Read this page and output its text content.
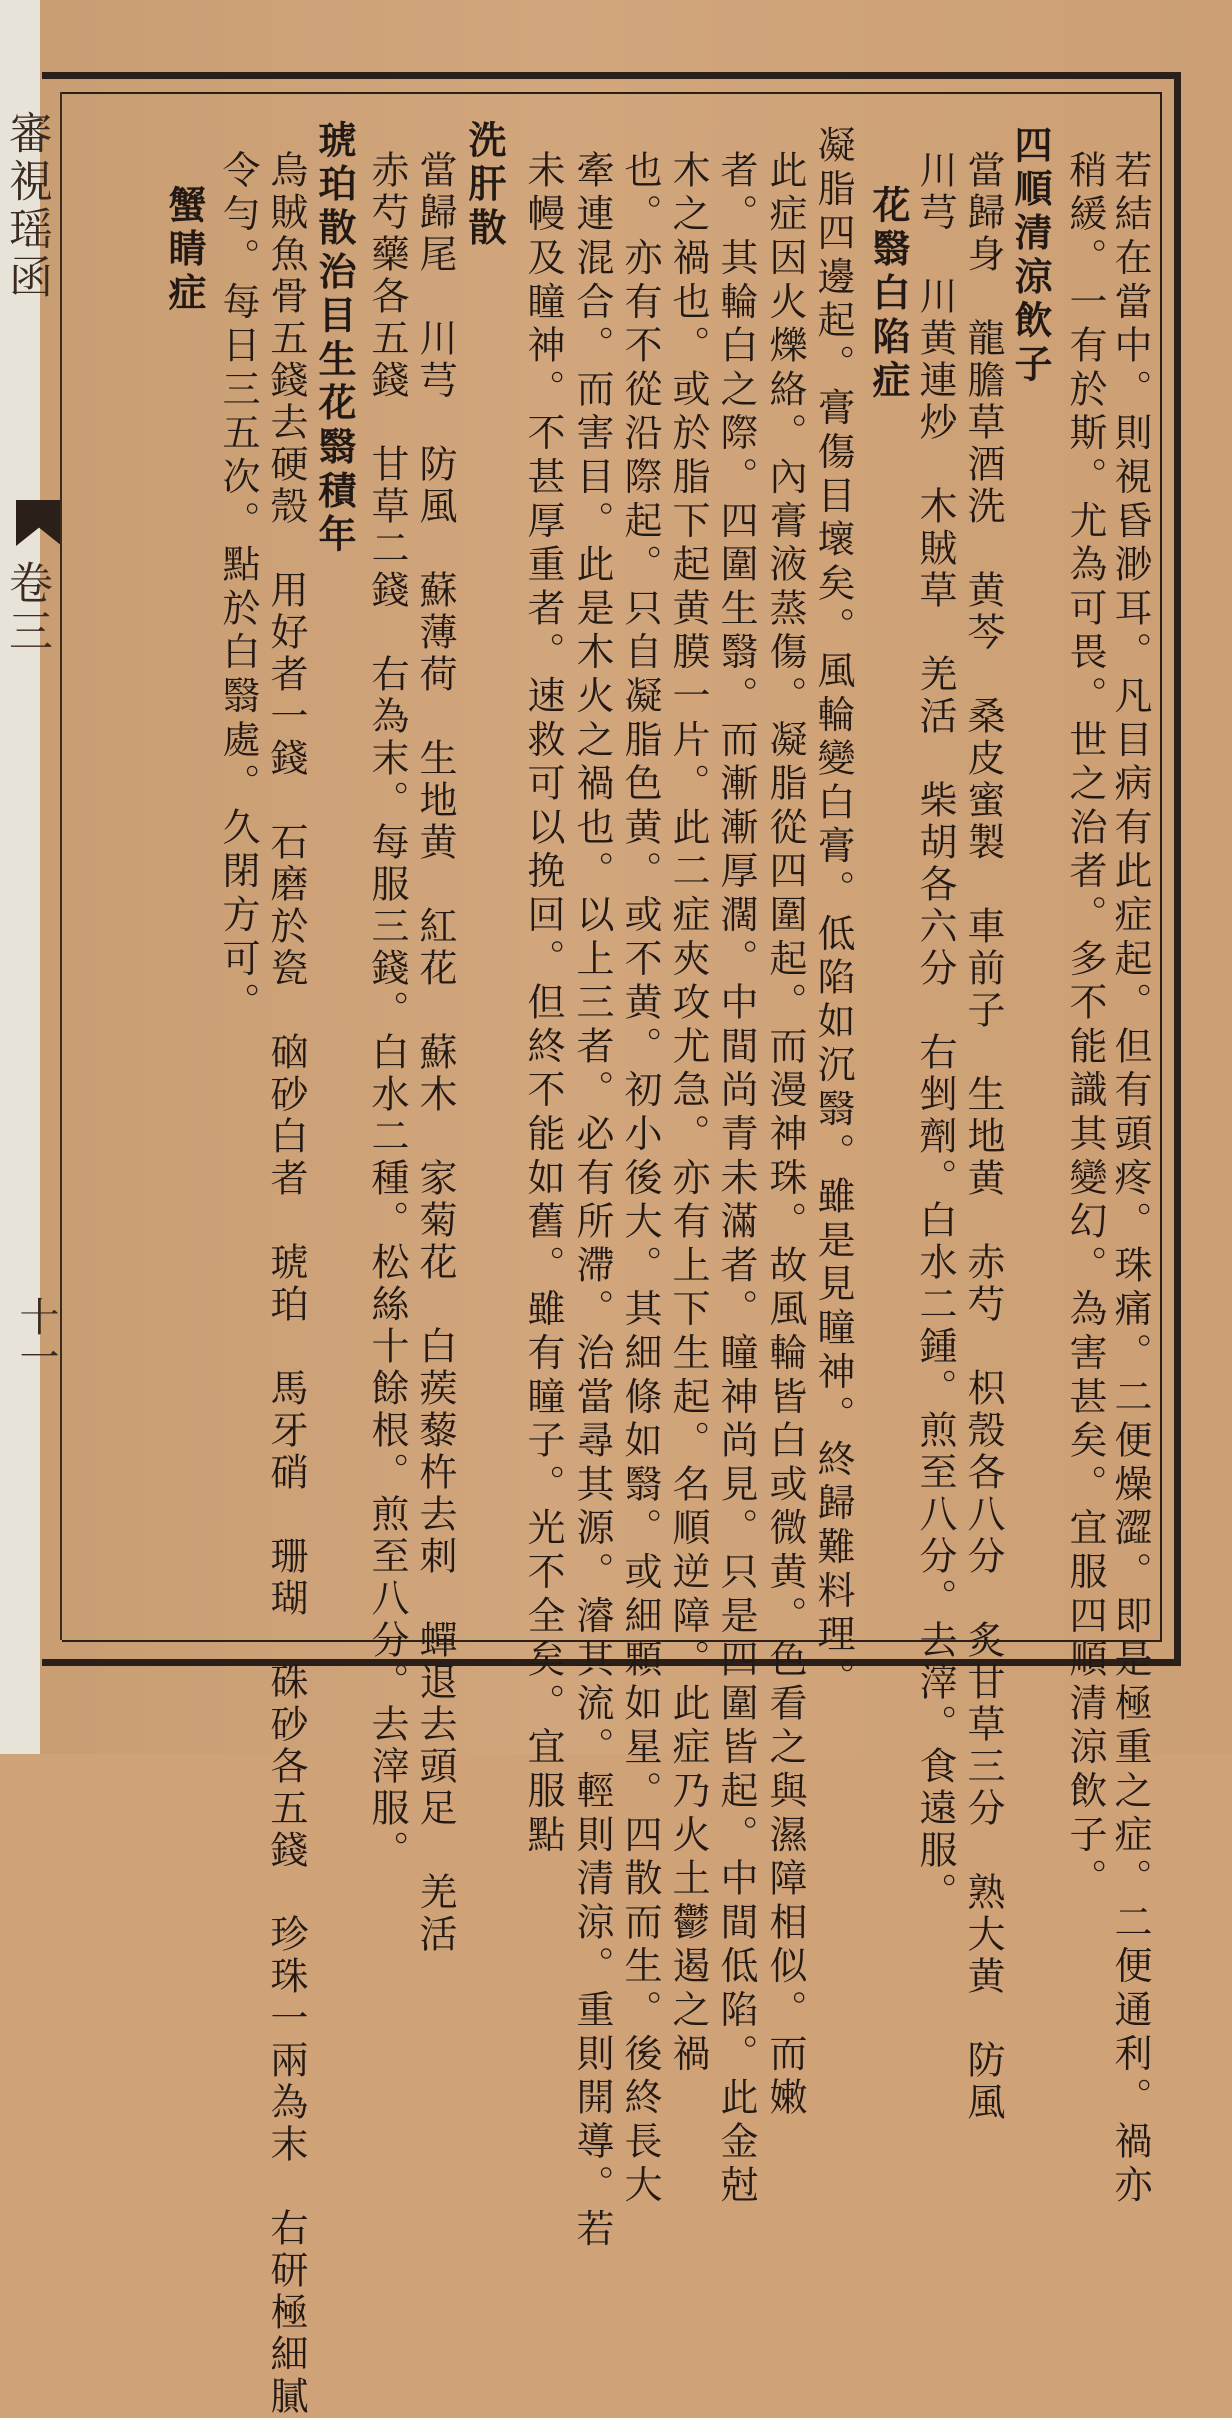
審視瑶函
卷三
十一	若結在當中。則視昏渺耳。凡目病有此症起。但有頭疼。珠痛。二便燥澀。即是極重之症。二便通利。禍亦
稍緩。一有於斯。尤為可畏。世之治者。多不能識其變幻。為害甚矣。宜服四順清涼飲子。
四順清涼飲子
當歸身　龍膽草酒洗　黄芩　桑皮蜜製　車前子　生地黄　赤芍　枳殼各八分　炙甘草三分　熟大黄　防風
川芎　川黄連炒　木賊草　羌活　柴胡各六分　右剉劑。白水二鍾。煎至八分。去滓。食遠服。
花翳白陷症
凝脂四邊起。膏傷目壞矣。風輪變白膏。低陷如沉翳。雖是見瞳神。終歸難料理。
此症因火爍絡。內膏液蒸傷。凝脂從四圍起。而漫神珠。故風輪皆白或微黄。色看之與濕障相似。而嫩
者。其輪白之際。四圍生翳。而漸漸厚濶。中間尚青未滿者。瞳神尚見。只是四圍皆起。中間低陷。此金尅
木之禍也。或於脂下起黄膜一片。此二症夾攻尤急。亦有上下生起。名順逆障。此症乃火土鬱遏之禍
也。亦有不從沿際起。只自凝脂色黄。或不黄。初小後大。其細條如翳。或細顆如星。四散而生。後終長大
牽連混合。而害目。此是木火之禍也。以上三者。必有所滯。治當尋其源。濬其流。輕則清涼。重則開導。若
未幔及瞳神。不甚厚重者。速救可以挽回。但終不能如舊。雖有瞳子。光不全矣。宜服點
洗肝散
當歸尾　川芎　防風　蘇薄荷　生地黄　紅花　蘇木　家菊花　白蒺藜杵去刺　蟬退去頭足　羌活
赤芍藥各五錢　甘草二錢　右為末。每服三錢。白水二種。松絲十餘根。煎至八分。去滓服。
琥珀散治目生花翳積年
烏賊魚骨五錢去硬殼　用好者一錢　石磨於瓷　硇砂白者　琥珀　馬牙硝　珊瑚　硃砂各五錢　珍珠一兩為末　右研極細膩
令勻。每日三五次。點於白翳處。久閉方可。
蟹睛症
